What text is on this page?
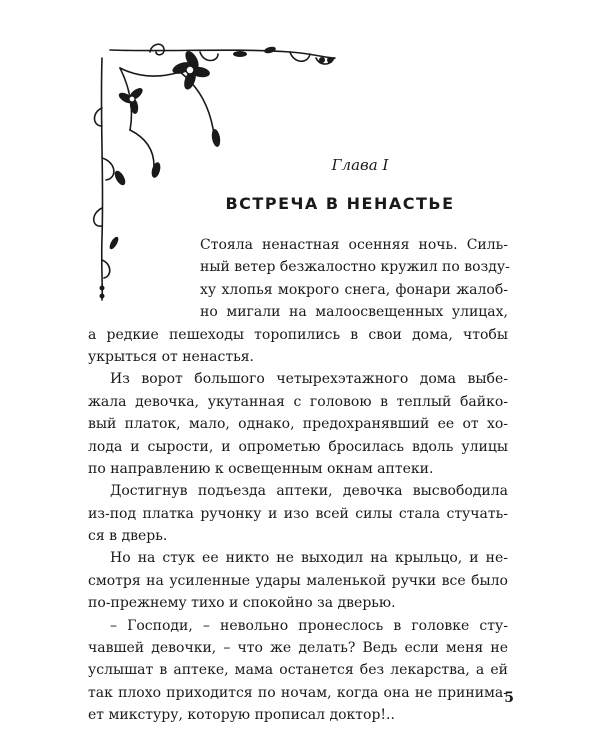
Глава I
ВСТРЕЧА В НЕНАСТЬЕ
Стояла ненастная осенняя ночь. Силь-
ный ветер безжалостно кружил по возду-
ху хлопья мокрого снега, фонари жалоб-
но мигали на малоосвещенных улицах,
а редкие пешеходы торопились в свои дома, чтобы
укрыться от ненастья.
Из ворот большого четырехэтажного дома выбе-
жала девочка, укутанная с головою в теплый байко-
вый платок, мало, однако, предохранявший ее от хо-
лода и сырости, и опрометью бросилась вдоль улицы
по направлению к освещенным окнам аптеки.
Достигнув подъезда аптеки, девочка высвободила
из-под платка ручонку и изо всей силы стала стучать-
ся в дверь.
Но на стук ее никто не выходил на крыльцо, и не-
смотря на усиленные удары маленькой ручки все было
по-прежнему тихо и спокойно за дверью.
– Господи, – невольно пронеслось в головке сту-
чавшей девочки, – что же делать? Ведь если меня не
услышат в аптеке, мама останется без лекарства, а ей
так плохо приходится по ночам, когда она не принима-
ет микстуру, которую прописал доктор!..
5
